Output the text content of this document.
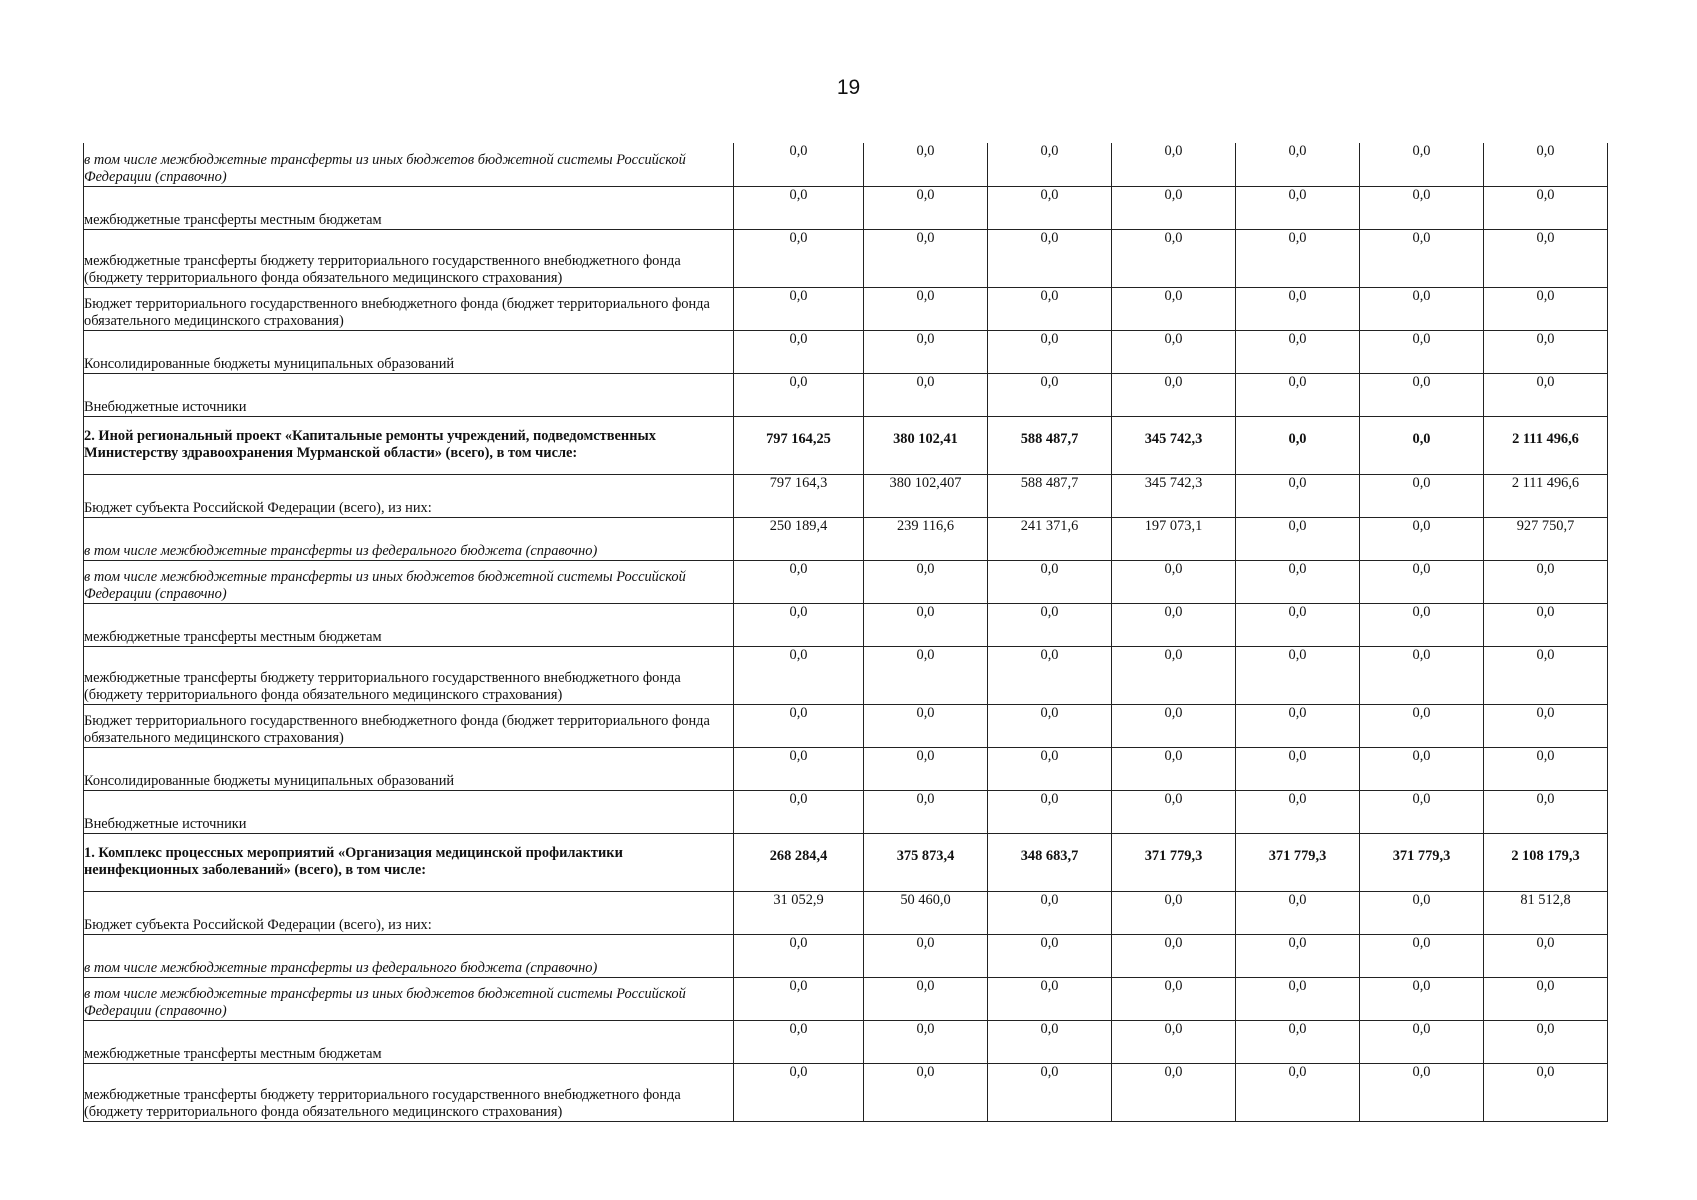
19
в том числе межбюджетные трансферты из иных бюджетов бюджетной системы Российской Федерации (справочно)	0,0	0,0	0,0	0,0	0,0	0,0	0,0
межбюджетные трансферты местным бюджетам	0,0	0,0	0,0	0,0	0,0	0,0	0,0
межбюджетные трансферты бюджету территориального государственного внебюджетного фонда (бюджету территориального фонда обязательного медицинского страхования)	0,0	0,0	0,0	0,0	0,0	0,0	0,0
Бюджет территориального государственного внебюджетного фонда (бюджет территориального фонда обязательного медицинского страхования)	0,0	0,0	0,0	0,0	0,0	0,0	0,0
Консолидированные бюджеты муниципальных образований	0,0	0,0	0,0	0,0	0,0	0,0	0,0
Внебюджетные источники	0,0	0,0	0,0	0,0	0,0	0,0	0,0
2. Иной региональный проект «Капитальные ремонты учреждений, подведомственных Министерству здравоохранения Мурманской области» (всего), в том числе:	797 164,25	380 102,41	588 487,7	345 742,3	0,0	0,0	2 111 496,6
Бюджет субъекта Российской Федерации (всего), из них:	797 164,3	380 102,407	588 487,7	345 742,3	0,0	0,0	2 111 496,6
в том числе межбюджетные трансферты из федерального бюджета (справочно)	250 189,4	239 116,6	241 371,6	197 073,1	0,0	0,0	927 750,7
в том числе межбюджетные трансферты из иных бюджетов бюджетной системы Российской Федерации (справочно)	0,0	0,0	0,0	0,0	0,0	0,0	0,0
межбюджетные трансферты местным бюджетам	0,0	0,0	0,0	0,0	0,0	0,0	0,0
межбюджетные трансферты бюджету территориального государственного внебюджетного фонда (бюджету территориального фонда обязательного медицинского страхования)	0,0	0,0	0,0	0,0	0,0	0,0	0,0
Бюджет территориального государственного внебюджетного фонда (бюджет территориального фонда обязательного медицинского страхования)	0,0	0,0	0,0	0,0	0,0	0,0	0,0
Консолидированные бюджеты муниципальных образований	0,0	0,0	0,0	0,0	0,0	0,0	0,0
Внебюджетные источники	0,0	0,0	0,0	0,0	0,0	0,0	0,0
1. Комплекс процессных мероприятий «Организация медицинской профилактики неинфекционных заболеваний» (всего), в том числе:	268 284,4	375 873,4	348 683,7	371 779,3	371 779,3	371 779,3	2 108 179,3
Бюджет субъекта Российской Федерации (всего), из них:	31 052,9	50 460,0	0,0	0,0	0,0	0,0	81 512,8
в том числе межбюджетные трансферты из федерального бюджета (справочно)	0,0	0,0	0,0	0,0	0,0	0,0	0,0
в том числе межбюджетные трансферты из иных бюджетов бюджетной системы Российской Федерации (справочно)	0,0	0,0	0,0	0,0	0,0	0,0	0,0
межбюджетные трансферты местным бюджетам	0,0	0,0	0,0	0,0	0,0	0,0	0,0
межбюджетные трансферты бюджету территориального государственного внебюджетного фонда (бюджету территориального фонда обязательного медицинского страхования)	0,0	0,0	0,0	0,0	0,0	0,0	0,0
